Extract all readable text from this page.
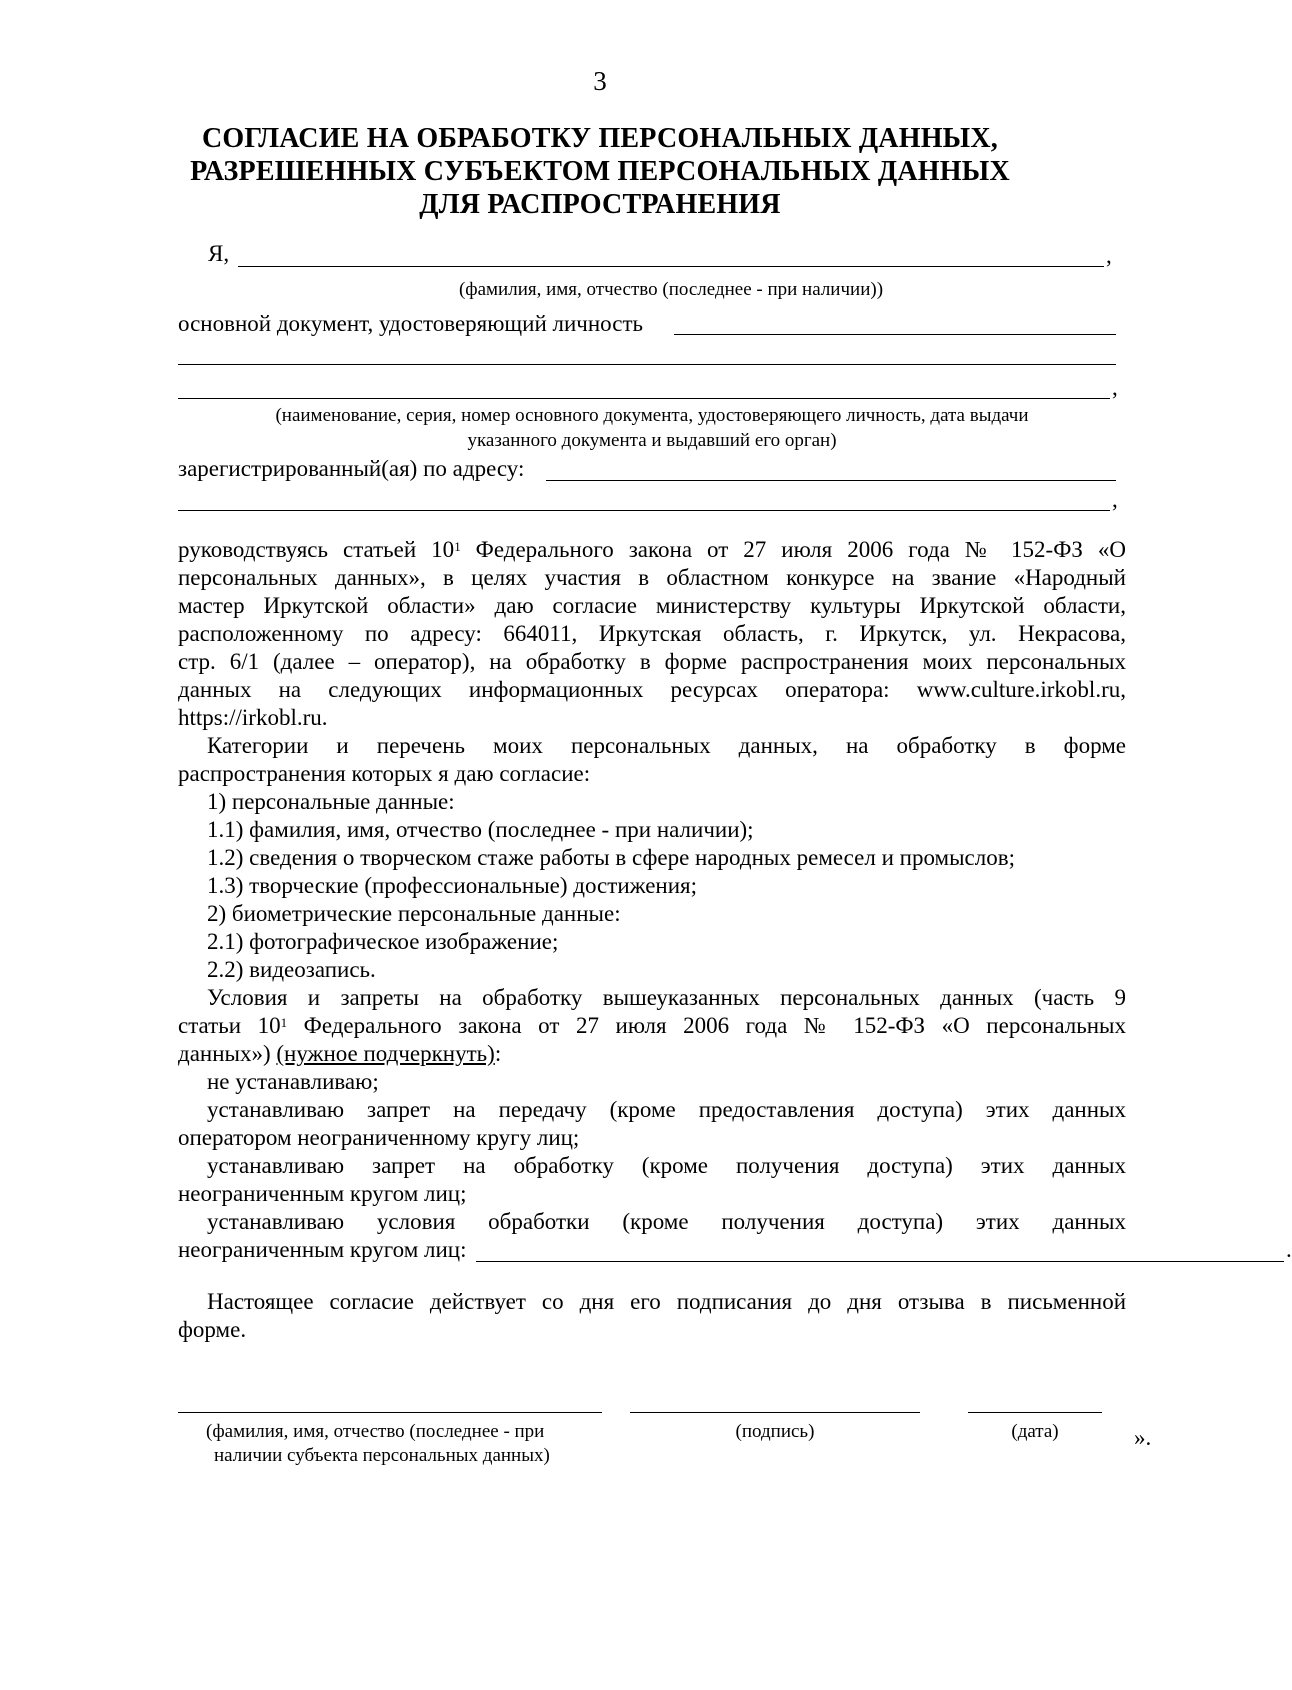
3
СОГЛАСИЕ НА ОБРАБОТКУ ПЕРСОНАЛЬНЫХ ДАННЫХ,
РАЗРЕШЕННЫХ СУБЪЕКТОМ ПЕРСОНАЛЬНЫХ ДАННЫХ
ДЛЯ РАСПРОСТРАНЕНИЯ
Я,	,
(фамилия, имя, отчество (последнее - при наличии))
основной документ, удостоверяющий личность
,
(наименование, серия, номер основного документа, удостоверяющего личность, дата выдачи
указанного документа и выдавший его орган)
зарегистрированный(ая) по адресу:
,
руководствуясь статьей $10^1$ Федерального закона от 27 июля 2006 года № 152-ФЗ «О
персональных данных», в целях участия в областном конкурсе на звание «Народный
мастер Иркутской области» даю согласие министерству культуры Иркутской области,
расположенному по адресу: 664011, Иркутская область, г. Иркутск, ул. Некрасова,
стр. 6/1 (далее – оператор), на обработку в форме распространения моих персональных
данных на следующих информационных ресурсах оператора: www.culture.irkobl.ru,
https://irkobl.ru.
Категории и перечень моих персональных данных, на обработку в форме
распространения которых я даю согласие:
1) персональные данные:
1.1) фамилия, имя, отчество (последнее - при наличии);
1.2) сведения о творческом стаже работы в сфере народных ремесел и промыслов;
1.3) творческие (профессиональные) достижения;
2) биометрические персональные данные:
2.1) фотографическое изображение;
2.2) видеозапись.
Условия и запреты на обработку вышеуказанных персональных данных (часть 9
статьи $10^1$ Федерального закона от 27 июля 2006 года № 152-ФЗ «О персональных
данных») (нужное подчеркнуть):
не устанавливаю;
устанавливаю запрет на передачу (кроме предоставления доступа) этих данных
оператором неограниченному кругу лиц;
устанавливаю запрет на обработку (кроме получения доступа) этих данных
неограниченным кругом лиц;
устанавливаю условия обработки (кроме получения доступа) этих данных
неограниченным кругом лиц:	.
Настоящее согласие действует со дня его подписания до дня отзыва в письменной
форме.
(фамилия, имя, отчество (последнее - при
наличии субъекта персональных данных)
(подпись)	(дата)	».
